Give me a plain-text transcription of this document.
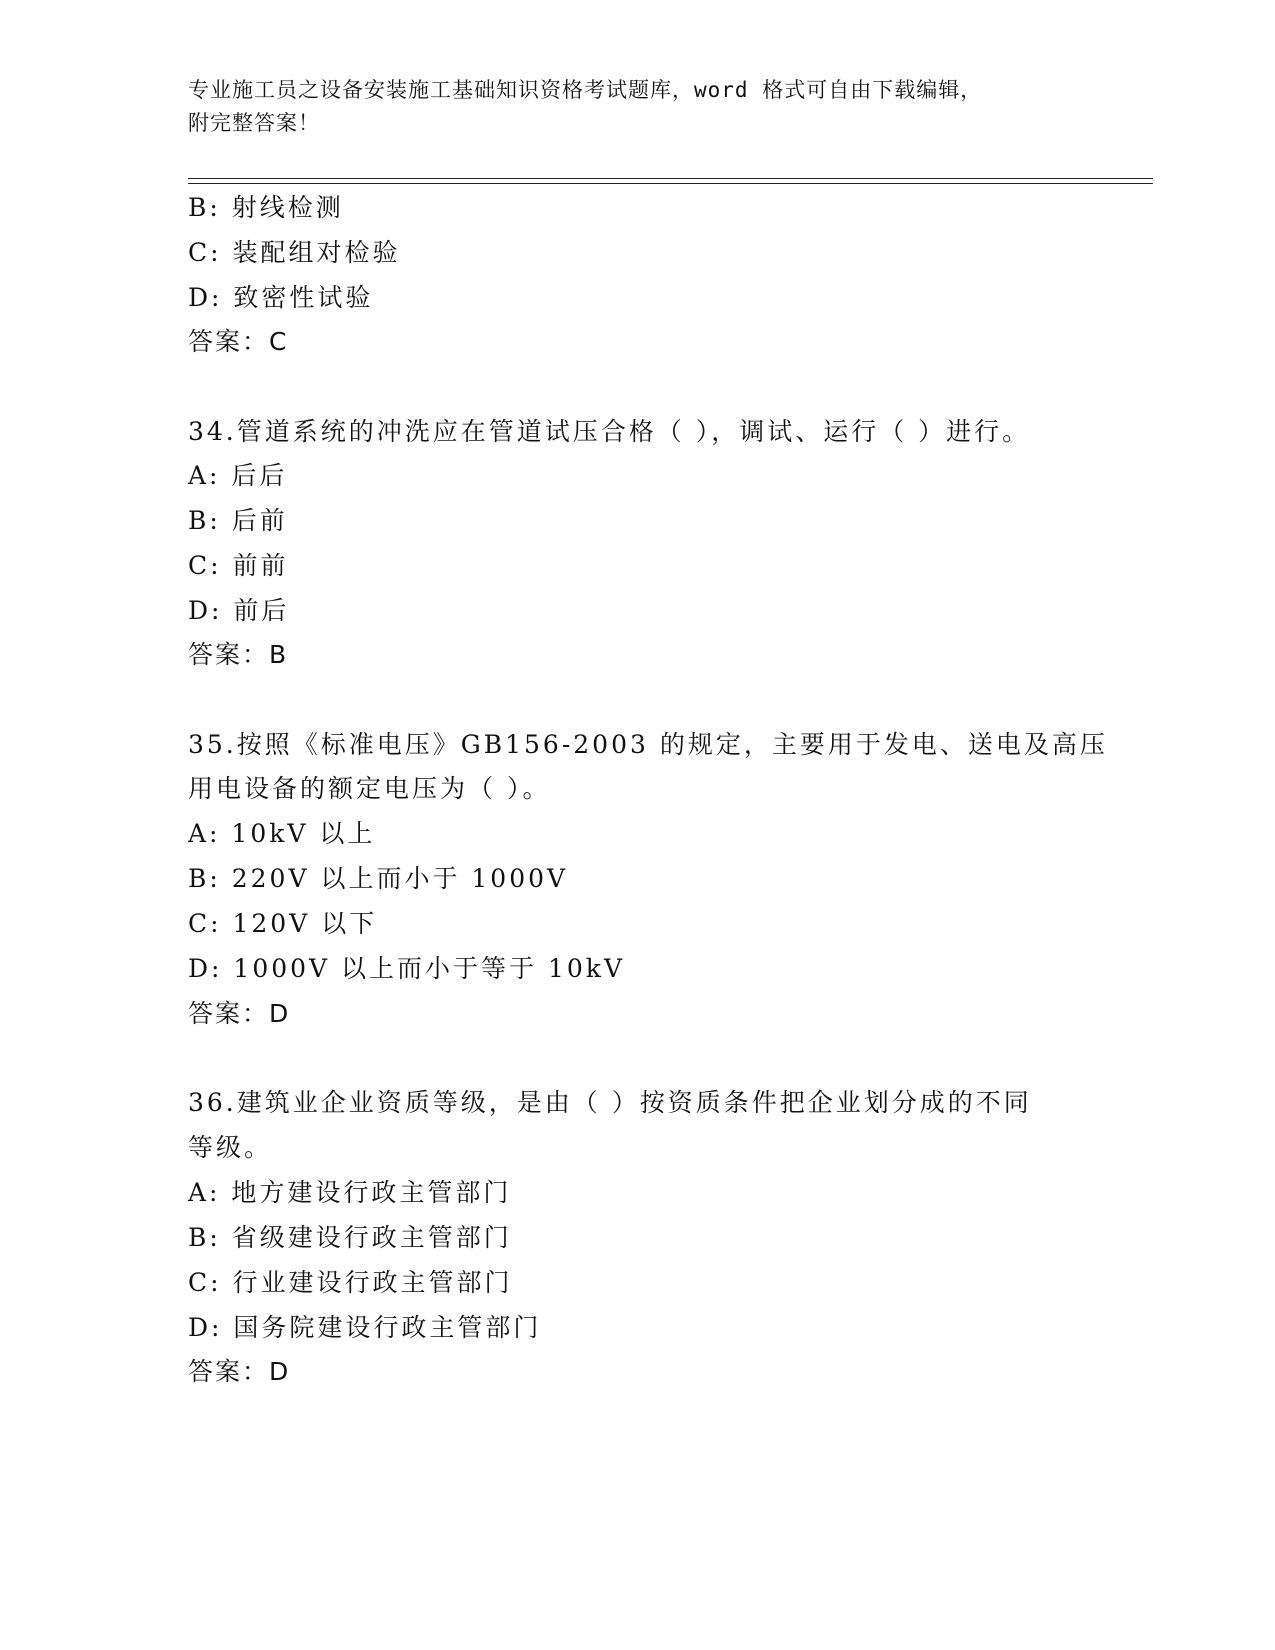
专业施工员之设备安装施工基础知识资格考试题库，word 格式可自由下载编辑，
附完整答案！
B: 射线检测
C: 装配组对检验
D: 致密性试验
答案：C
34.管道系统的冲洗应在管道试压合格（ ），调试、运行（ ）进行。
A: 后后
B: 后前
C: 前前
D: 前后
答案：B
35.按照《标准电压》GB156-2003 的规定，主要用于发电、送电及高压
用电设备的额定电压为（ ）。
A: 10kV 以上
B: 220V 以上而小于 1000V
C: 120V 以下
D: 1000V 以上而小于等于 10kV
答案：D
36.建筑业企业资质等级，是由（ ）按资质条件把企业划分成的不同
等级。
A: 地方建设行政主管部门
B: 省级建设行政主管部门
C: 行业建设行政主管部门
D: 国务院建设行政主管部门
答案：D
